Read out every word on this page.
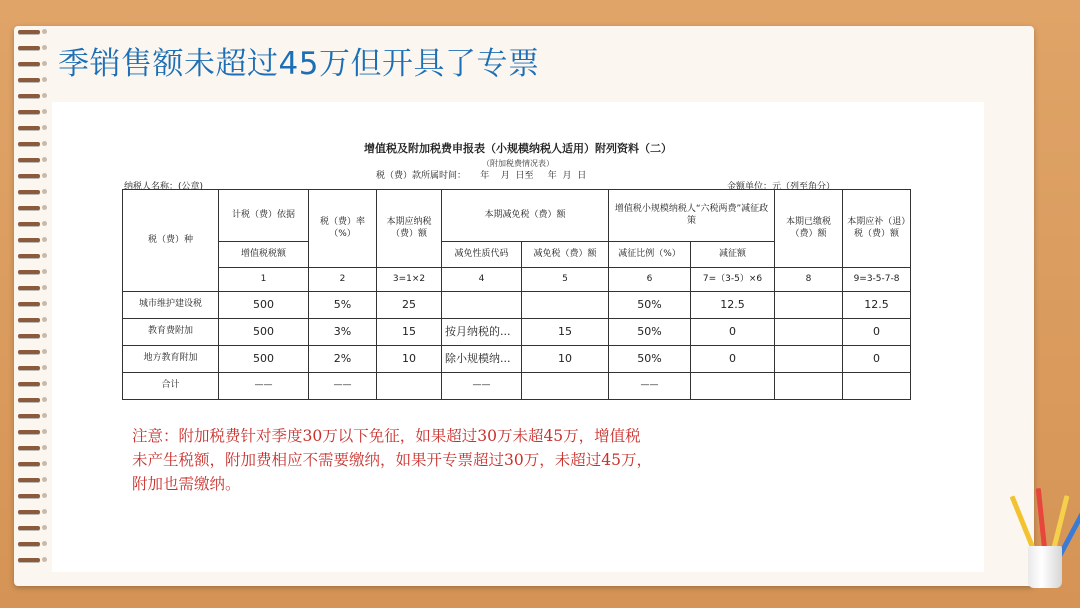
季销售额未超过45万但开具了专票
增值税及附加税费申报表（小规模纳税人适用）附列资料（二）
（附加税费情况表）
税（费）款所属时间：     年    月  日至     年  月  日
纳税人名称：(公章)	金额单位：元（列至角分）
税（费）种	计税（费）依据	税（费）率（%）	本期应纳税（费）额	本期减免税（费）额		增值税小规模纳税人“六税两费”减征政策		本期已缴税（费）额	本期应补（退）税（费）额
	增值税税额			减免性质代码	减免税（费）额	减征比例（%）	减征额		
	1	2	3=1×2	4	5	6	7=（3-5）×6	8	9=3-5-7-8
城市维护建设税	500	5%	25			50%	12.5		12.5
教育费附加	500	3%	15	按月纳税的...	15	50%	0		0
地方教育附加	500	2%	10	除小规模纳...	10	50%	0		0
合计	——	——		——		——			

注意：附加税费针对季度30万以下免征，如果超过30万未超45万，增值税未产生税额，附加费相应不需要缴纳，如果开专票超过30万，未超过45万，附加也需缴纳。
